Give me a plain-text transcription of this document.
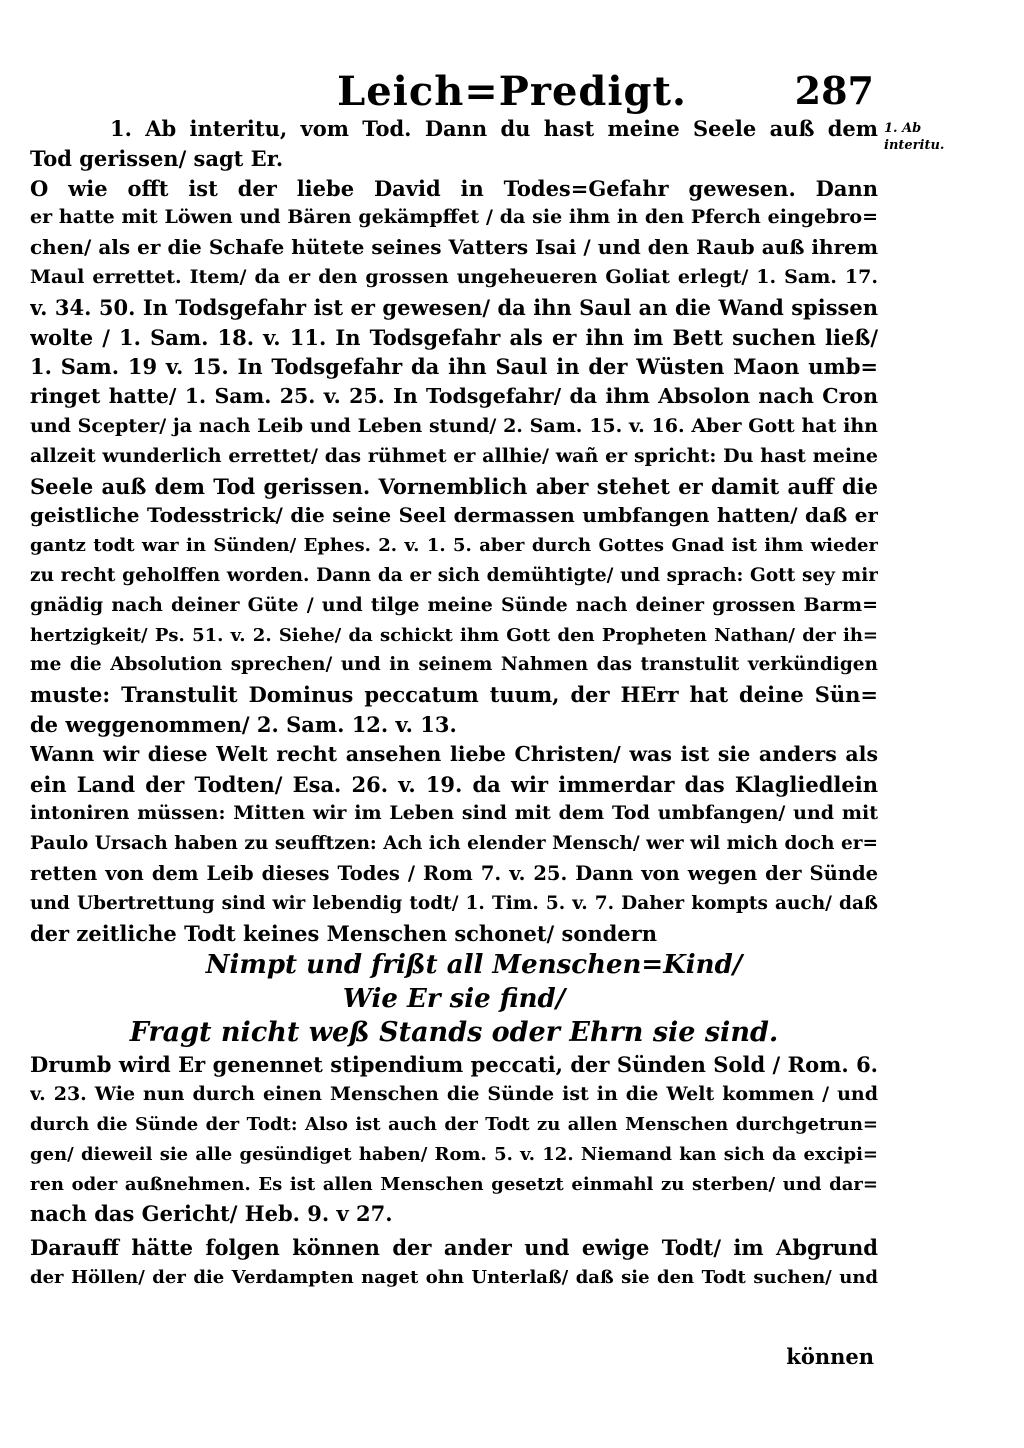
Leich=Predigt.	287
1. Ab interitu.
1. Ab interitu, vom Tod. Dann du hast meine Seele auß dem
Tod gerissen/ sagt Er.
O wie offt ist der liebe David in Todes=Gefahr gewesen. Dann
er hatte mit Löwen und Bären gekämpffet / da sie ihm in den Pferch eingebro=
chen/ als er die Schafe hütete seines Vatters Isai / und den Raub auß ihrem
Maul errettet. Item/ da er den grossen ungeheueren Goliat erlegt/ 1. Sam. 17.
v. 34. 50. In Todsgefahr ist er gewesen/ da ihn Saul an die Wand spissen
wolte / 1. Sam. 18. v. 11. In Todsgefahr als er ihn im Bett suchen ließ/
1. Sam. 19 v. 15. In Todsgefahr da ihn Saul in der Wüsten Maon umb=
ringet hatte/ 1. Sam. 25. v. 25. In Todsgefahr/ da ihm Absolon nach Cron
und Scepter/ ja nach Leib und Leben stund/ 2. Sam. 15. v. 16. Aber Gott hat ihn
allzeit wunderlich errettet/ das rühmet er allhie/ wañ er spricht: Du hast meine
Seele auß dem Tod gerissen. Vornemblich aber stehet er damit auff die
geistliche Todesstrick/ die seine Seel dermassen umbfangen hatten/ daß er
gantz todt war in Sünden/ Ephes. 2. v. 1. 5. aber durch Gottes Gnad ist ihm wieder
zu recht geholffen worden. Dann da er sich demühtigte/ und sprach: Gott sey mir
gnädig nach deiner Güte / und tilge meine Sünde nach deiner grossen Barm=
hertzigkeit/ Ps. 51. v. 2. Siehe/ da schickt ihm Gott den Propheten Nathan/ der ih=
me die Absolution sprechen/ und in seinem Nahmen das transtulit verkündigen
muste: Transtulit Dominus peccatum tuum, der HErr hat deine Sün=
de weggenommen/ 2. Sam. 12. v. 13.
Wann wir diese Welt recht ansehen liebe Christen/ was ist sie anders als
ein Land der Todten/ Esa. 26. v. 19. da wir immerdar das Klagliedlein
intoniren müssen: Mitten wir im Leben sind mit dem Tod umbfangen/ und mit
Paulo Ursach haben zu seufftzen: Ach ich elender Mensch/ wer wil mich doch er=
retten von dem Leib dieses Todes / Rom 7. v. 25. Dann von wegen der Sünde
und Ubertrettung sind wir lebendig todt/ 1. Tim. 5. v. 7. Daher kompts auch/ daß
der zeitliche Todt keines Menschen schonet/ sondern
Nimpt und frißt all Menschen=Kind/
Wie Er sie find/
Fragt nicht weß Stands oder Ehrn sie sind.
Drumb wird Er genennet stipendium peccati, der Sünden Sold / Rom. 6.
v. 23. Wie nun durch einen Menschen die Sünde ist in die Welt kommen / und
durch die Sünde der Todt: Also ist auch der Todt zu allen Menschen durchgetrun=
gen/ dieweil sie alle gesündiget haben/ Rom. 5. v. 12. Niemand kan sich da excipi=
ren oder außnehmen. Es ist allen Menschen gesetzt einmahl zu sterben/ und dar=
nach das Gericht/ Heb. 9. v 27.
Darauff hätte folgen können der ander und ewige Todt/ im Abgrund
der Höllen/ der die Verdampten naget ohn Unterlaß/ daß sie den Todt suchen/ und
können
